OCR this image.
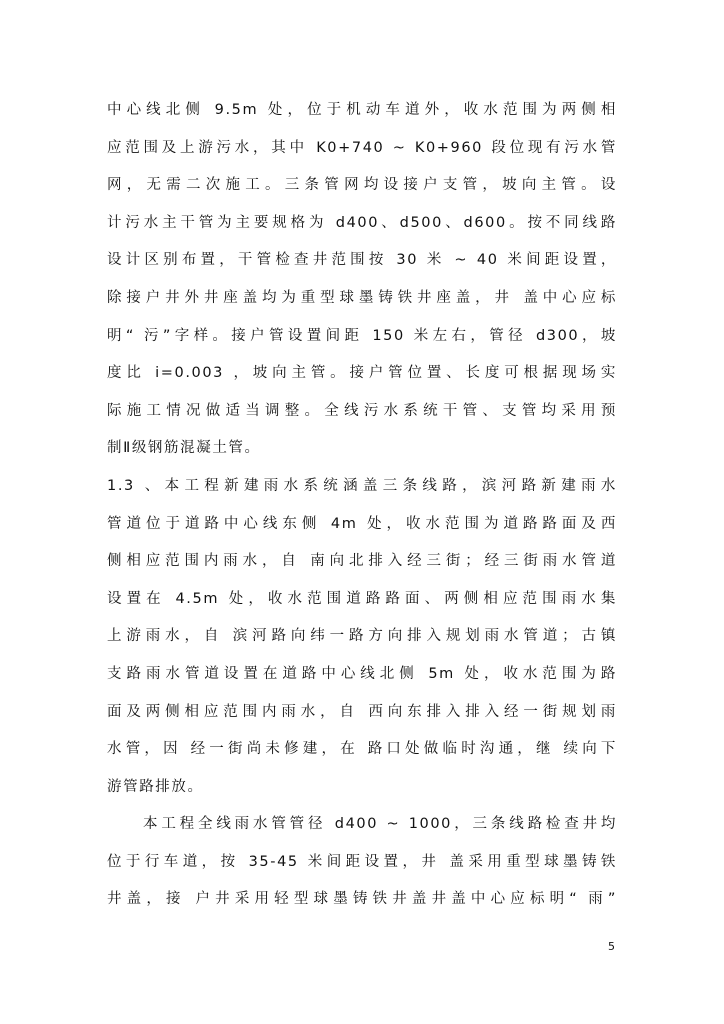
中心线北侧 9.5m 处，位于机动车道外，收水范围为两侧相
应范围及上游污水，其中 K0+740 ~ K0+960 段位现有污水管
网，无需二次施工。三条管网均设接户支管，坡向主管。设
计污水主干管为主要规格为 d400、d500、d600。按不同线路
设计区别布置，干管检查井范围按 30 米 ~ 40 米间距设置，
除接户井外井座盖均为重型球墨铸铁井座盖，井 盖中心应标
明“ 污”字样。接户管设置间距 150 米左右，管径 d300，坡
度比 i=0.003 ，坡向主管。接户管位置、长度可根据现场实
际施工情况做适当调整。全线污水系统干管、支管均采用预
制Ⅱ级钢筋混凝土管。
1.3 、本工程新建雨水系统涵盖三条线路，滨河路新建雨水
管道位于道路中心线东侧 4m 处，收水范围为道路路面及西
侧相应范围内雨水，自 南向北排入经三街；经三街雨水管道
设置在 4.5m 处，收水范围道路路面、两侧相应范围雨水集
上游雨水，自 滨河路向纬一路方向排入规划雨水管道；古镇
支路雨水管道设置在道路中心线北侧 5m 处，收水范围为路
面及两侧相应范围内雨水，自 西向东排入排入经一街规划雨
水管，因 经一街尚未修建，在 路口处做临时沟通，继 续向下
游管路排放。
本工程全线雨水管管径 d400 ~ 1000，三条线路检查井均
位于行车道，按 35-45 米间距设置，井 盖采用重型球墨铸铁
井盖，接 户井采用轻型球墨铸铁井盖井盖中心应标明“ 雨”
5
